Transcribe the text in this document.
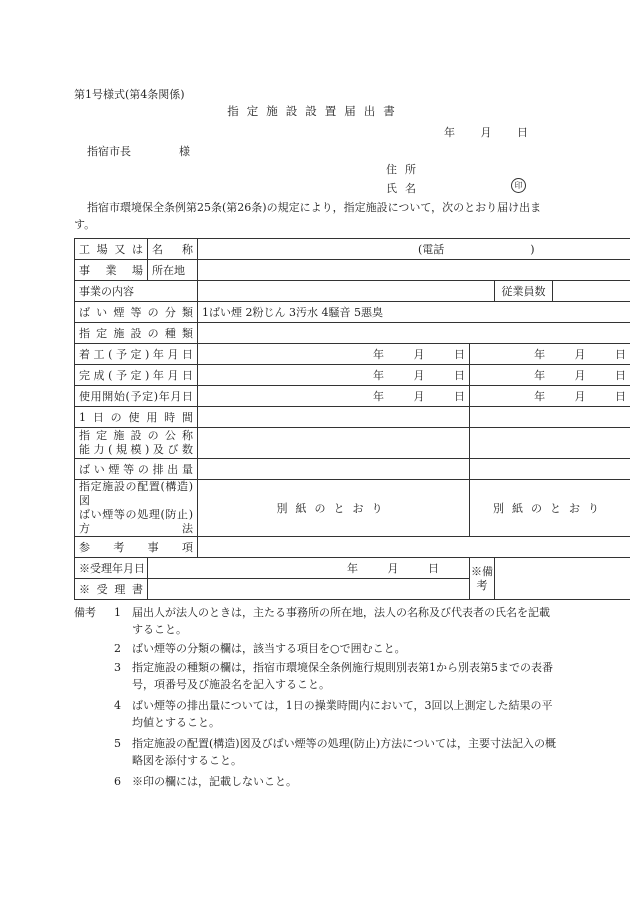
第1号様式(第4条関係)
指定施設設置届出書
年 月 日
指宿市長	様
住所
氏名	印
指宿市環境保全条例第25条(第26条)の規定により，指定施設について，次のとおり届け出ます。
工場又は	名称	(電話 )			
事業場	所在地				
事業の内容				従業員数	
ばい煙等の分類		1ばい煙 2粉じん 3汚水 4騒音 5悪臭			
指定施設の種類					
着工(予定)年月日		年 月 日	年 月 日		
完成(予定)年月日		年 月 日	年 月 日		
使用開始(予定)年月日		年 月 日	年 月 日		
1日の使用時間					

指定施設の公称
能力(規模)及び数					

ばい煙等の排出量					

指定施設の配置(構造)図
ばい煙等の処理(防止)方法		別紙のとおり	別紙のとおり		
参考事項					
※受理年月日	年 月 日		※備考		
※受理書					
備考 1	届出人が法人のときは，主たる事務所の所在地，法人の名称及び代表者の氏名を記載すること。
2	ばい煙等の分類の欄は，該当する項目を○で囲むこと。
3	指定施設の種類の欄は，指宿市環境保全条例施行規則別表第1から別表第5までの表番号，項番号及び施設名を記入すること。
4	ばい煙等の排出量については，1日の操業時間内において，3回以上測定した結果の平均値とすること。
5	指定施設の配置(構造)図及びばい煙等の処理(防止)方法については，主要寸法記入の概略図を添付すること。
6	※印の欄には，記載しないこと。
